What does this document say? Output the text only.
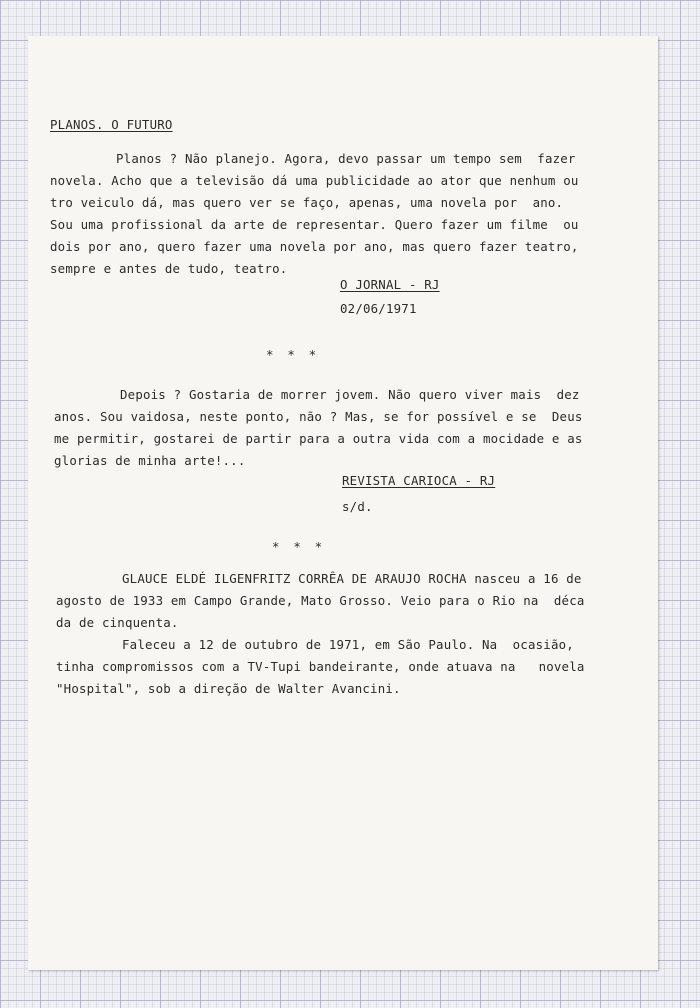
PLANOS. O FUTURO

Planos ? Não planejo. Agora, devo passar um tempo sem  fazer

novela. Acho que a televisão dá uma publicidade ao ator que nenhum ou

tro veiculo dá, mas quero ver se faço, apenas, uma novela por  ano.

Sou uma profissional da arte de representar. Quero fazer um filme  ou

dois por ano, quero fazer uma novela por ano, mas quero fazer teatro,

sempre e antes de tudo, teatro.

O JORNAL - RJ

02/06/1971

* * *

Depois ? Gostaria de morrer jovem. Não quero viver mais  dez

anos. Sou vaidosa, neste ponto, não ? Mas, se for possível e se  Deus

me permitir, gostarei de partir para a outra vida com a mocidade e as

glorias de minha arte!...

REVISTA CARIOCA - RJ

s/d.

* * *

GLAUCE ELDÉ ILGENFRITZ CORRÊA DE ARAUJO ROCHA nasceu a 16 de

agosto de 1933 em Campo Grande, Mato Grosso. Veio para o Rio na  déca

da de cinquenta.

Faleceu a 12 de outubro de 1971, em São Paulo. Na  ocasião,

tinha compromissos com a TV-Tupi bandeirante, onde atuava na   novela

"Hospital", sob a direção de Walter Avancini.
